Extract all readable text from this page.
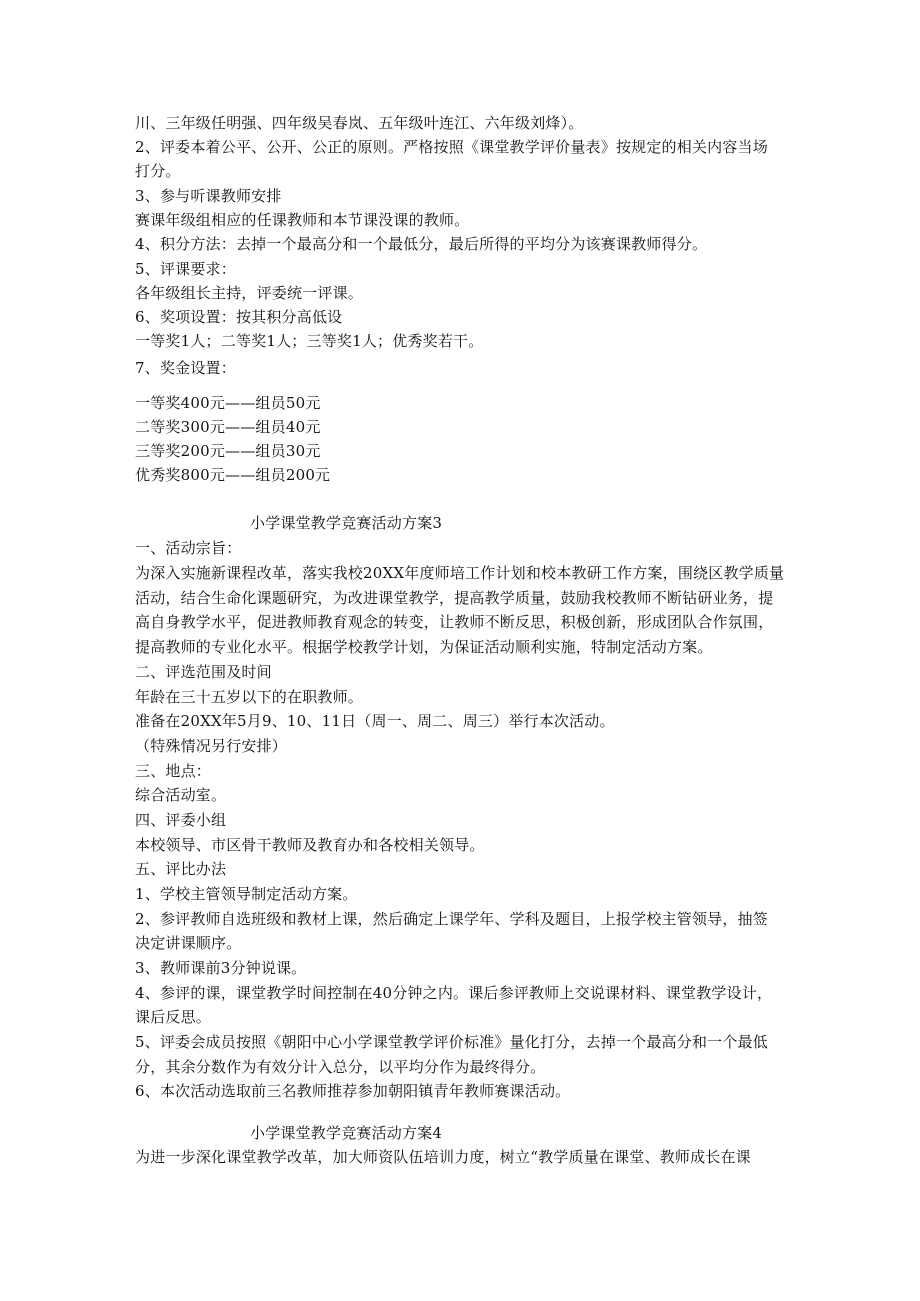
川、三年级任明强、四年级吴春岚、五年级叶连江、六年级刘烽）。
2、评委本着公平、公开、公正的原则。严格按照《课堂教学评价量表》按规定的相关内容当场
打分。
3、参与听课教师安排
赛课年级组相应的任课教师和本节课没课的教师。
4、积分方法：去掉一个最高分和一个最低分，最后所得的平均分为该赛课教师得分。
5、评课要求：
各年级组长主持，评委统一评课。
6、奖项设置：按其积分高低设
一等奖1人；二等奖1人；三等奖1人；优秀奖若干。
7、奖金设置：
一等奖400元——组员50元
二等奖300元——组员40元
三等奖200元——组员30元
优秀奖800元——组员200元
小学课堂教学竞赛活动方案3
一、活动宗旨：
为深入实施新课程改革，落实我校20XX年度师培工作计划和校本教研工作方案，围绕区教学质量
活动，结合生命化课题研究，为改进课堂教学，提高教学质量，鼓励我校教师不断钻研业务，提
高自身教学水平，促进教师教育观念的转变，让教师不断反思，积极创新，形成团队合作氛围，
提高教师的专业化水平。根据学校教学计划，为保证活动顺利实施，特制定活动方案。
二、评选范围及时间
年龄在三十五岁以下的在职教师。
准备在20XX年5月9、10、11日（周一、周二、周三）举行本次活动。
（特殊情况另行安排）
三、地点：
综合活动室。
四、评委小组
本校领导、市区骨干教师及教育办和各校相关领导。
五、评比办法
1、学校主管领导制定活动方案。
2、参评教师自选班级和教材上课，然后确定上课学年、学科及题目，上报学校主管领导，抽签
决定讲课顺序。
3、教师课前3分钟说课。
4、参评的课，课堂教学时间控制在40分钟之内。课后参评教师上交说课材料、课堂教学设计，
课后反思。
5、评委会成员按照《朝阳中心小学课堂教学评价标准》量化打分，去掉一个最高分和一个最低
分，其余分数作为有效分计入总分，以平均分作为最终得分。
6、本次活动选取前三名教师推荐参加朝阳镇青年教师赛课活动。
小学课堂教学竞赛活动方案4
为进一步深化课堂教学改革，加大师资队伍培训力度，树立“教学质量在课堂、教师成长在课
